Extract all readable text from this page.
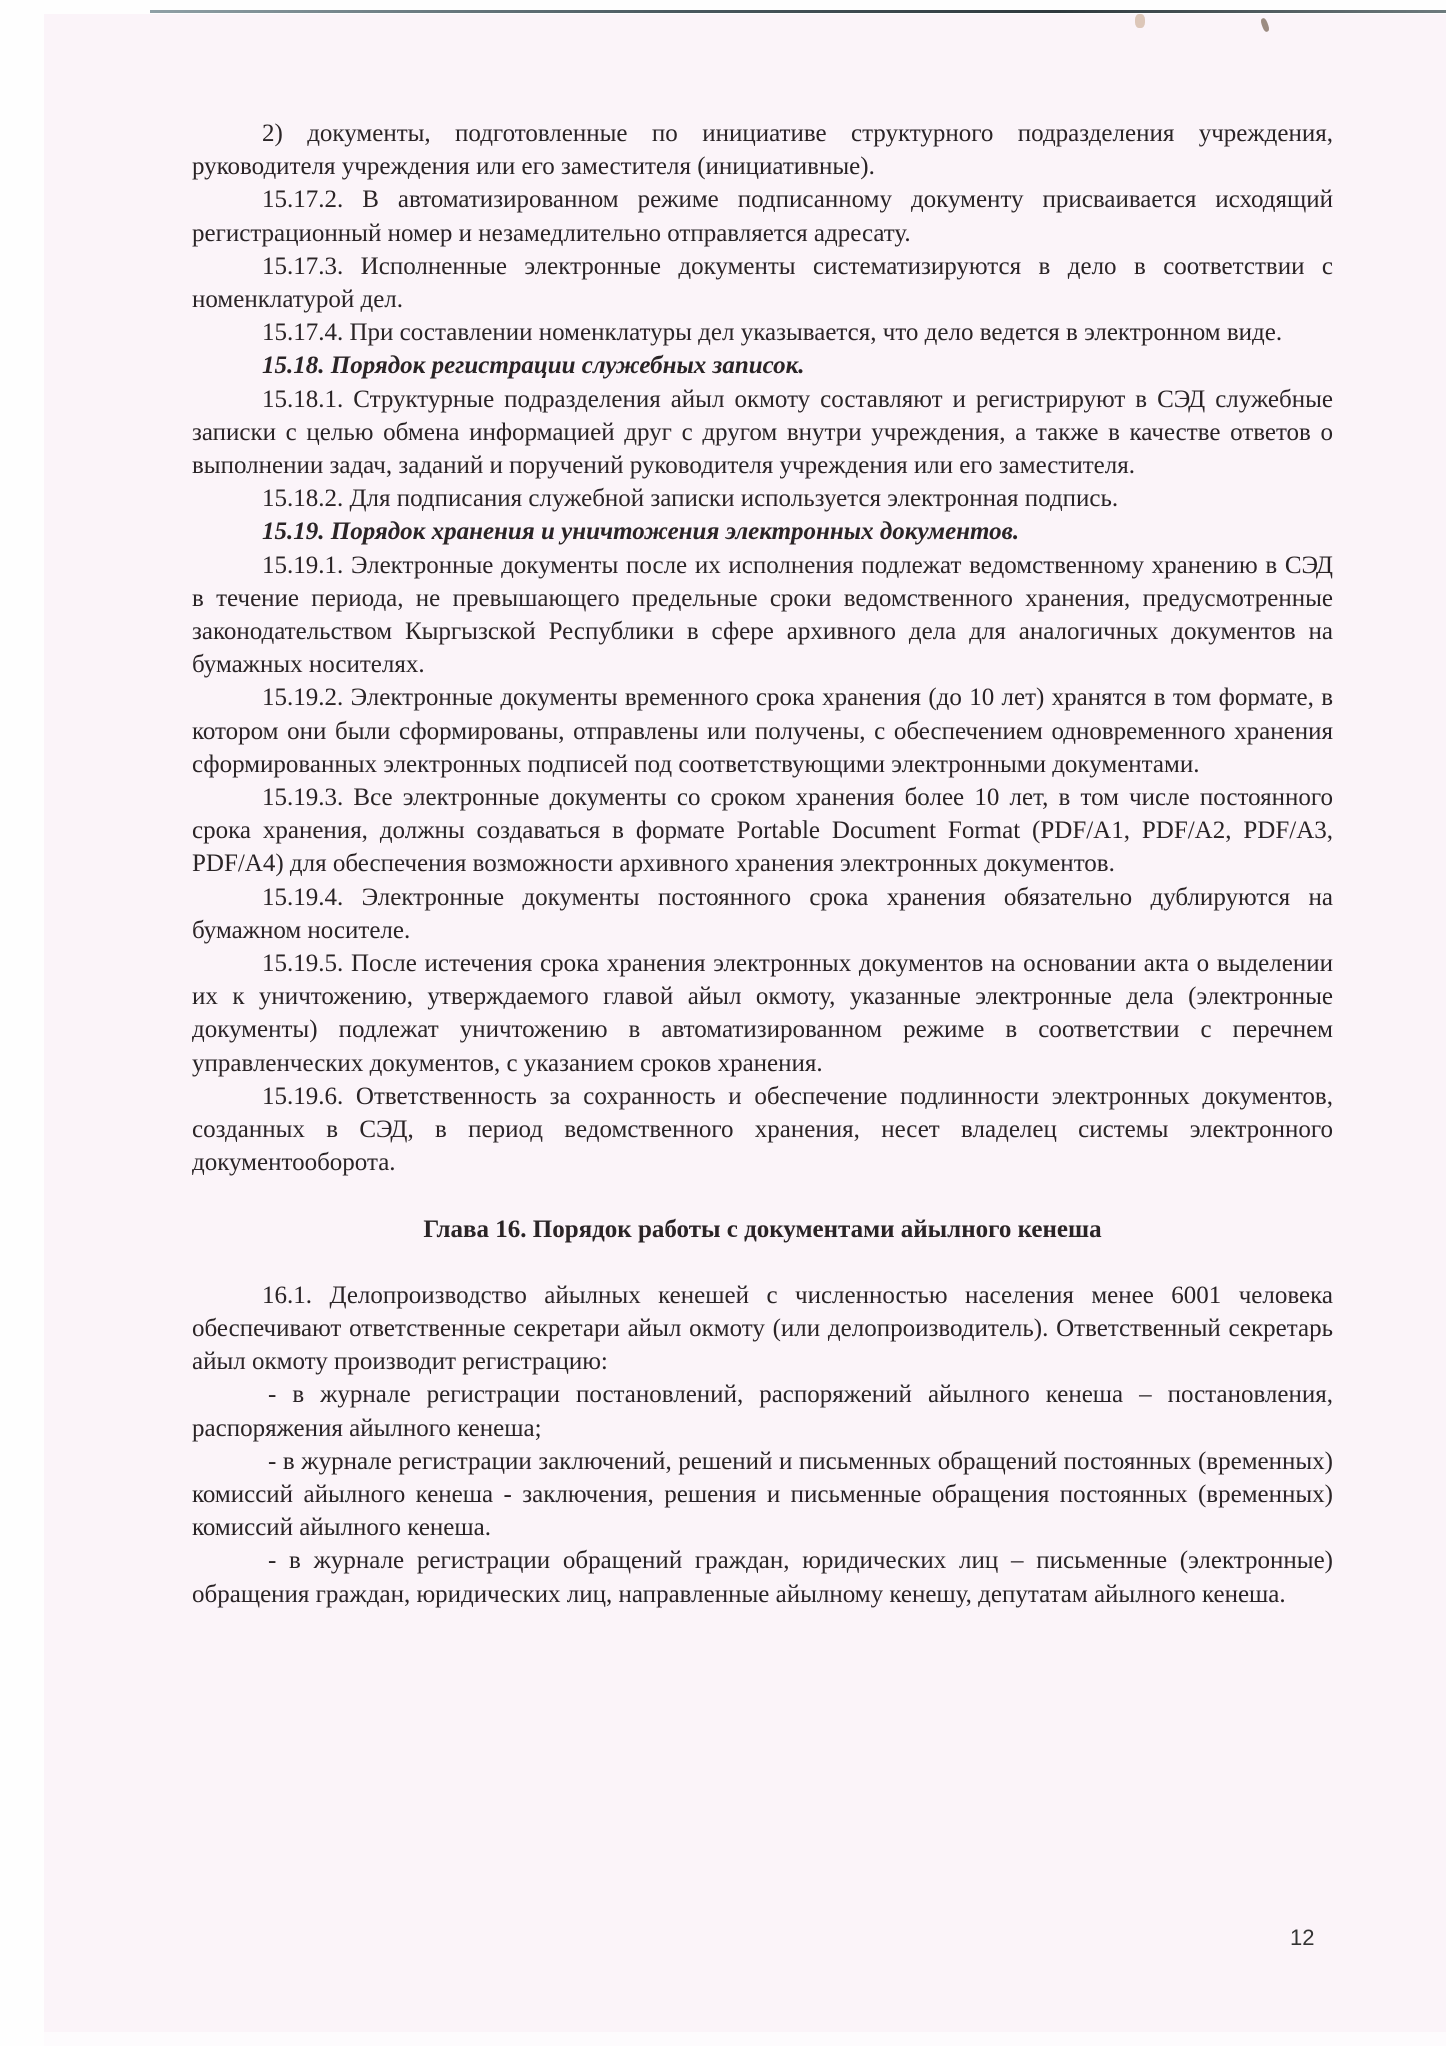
2) документы, подготовленные по инициативе структурного подразделения учреждения, руководителя учреждения или его заместителя (инициативные).

15.17.2. В автоматизированном режиме подписанному документу присваивается исходящий регистрационный номер и незамедлительно отправляется адресату.

15.17.3. Исполненные электронные документы систематизируются в дело в соответствии с номенклатурой дел.

15.17.4. При составлении номенклатуры дел указывается, что дело ведется в электронном виде.

15.18. Порядок регистрации служебных записок.

15.18.1. Структурные подразделения айыл окмоту составляют и регистрируют в СЭД служебные записки с целью обмена информацией друг с другом внутри учреждения, а также в качестве ответов о выполнении задач, заданий и поручений руководителя учреждения или его заместителя.

15.18.2. Для подписания служебной записки используется электронная подпись.

15.19. Порядок хранения и уничтожения электронных документов.

15.19.1. Электронные документы после их исполнения подлежат ведомственному хранению в СЭД в течение периода, не превышающего предельные сроки ведомственного хранения, предусмотренные законодательством Кыргызской Республики в сфере архивного дела для аналогичных документов на бумажных носителях.

15.19.2. Электронные документы временного срока хранения (до 10 лет) хранятся в том формате, в котором они были сформированы, отправлены или получены, с обеспечением одновременного хранения сформированных электронных подписей под соответствующими электронными документами.

15.19.3. Все электронные документы со сроком хранения более 10 лет, в том числе постоянного срока хранения, должны создаваться в формате Portable Document Format (PDF/A1, PDF/A2, PDF/A3, PDF/A4) для обеспечения возможности архивного хранения электронных документов.

15.19.4. Электронные документы постоянного срока хранения обязательно дублируются на бумажном носителе.

15.19.5. После истечения срока хранения электронных документов на основании акта о выделении их к уничтожению, утверждаемого главой айыл окмоту, указанные электронные дела (электронные документы) подлежат уничтожению в автоматизированном режиме в соответствии с перечнем управленческих документов, с указанием сроков хранения.

15.19.6. Ответственность за сохранность и обеспечение подлинности электронных документов, созданных в СЭД, в период ведомственного хранения, несет владелец системы электронного документооборота.

Глава 16. Порядок работы с документами айылного кенеша

16.1. Делопроизводство айылных кенешей с численностью населения менее 6001 человека обеспечивают ответственные секретари айыл окмоту (или делопроизводитель). Ответственный секретарь айыл окмоту производит регистрацию:

- в журнале регистрации постановлений, распоряжений айылного кенеша – постановления, распоряжения айылного кенеша;

- в журнале регистрации заключений, решений и письменных обращений постоянных (временных) комиссий айылного кенеша - заключения, решения и письменные обращения постоянных (временных) комиссий айылного кенеша.

- в журнале регистрации обращений граждан, юридических лиц – письменные (электронные) обращения граждан, юридических лиц, направленные айылному кенешу, депутатам айылного кенеша.

12
